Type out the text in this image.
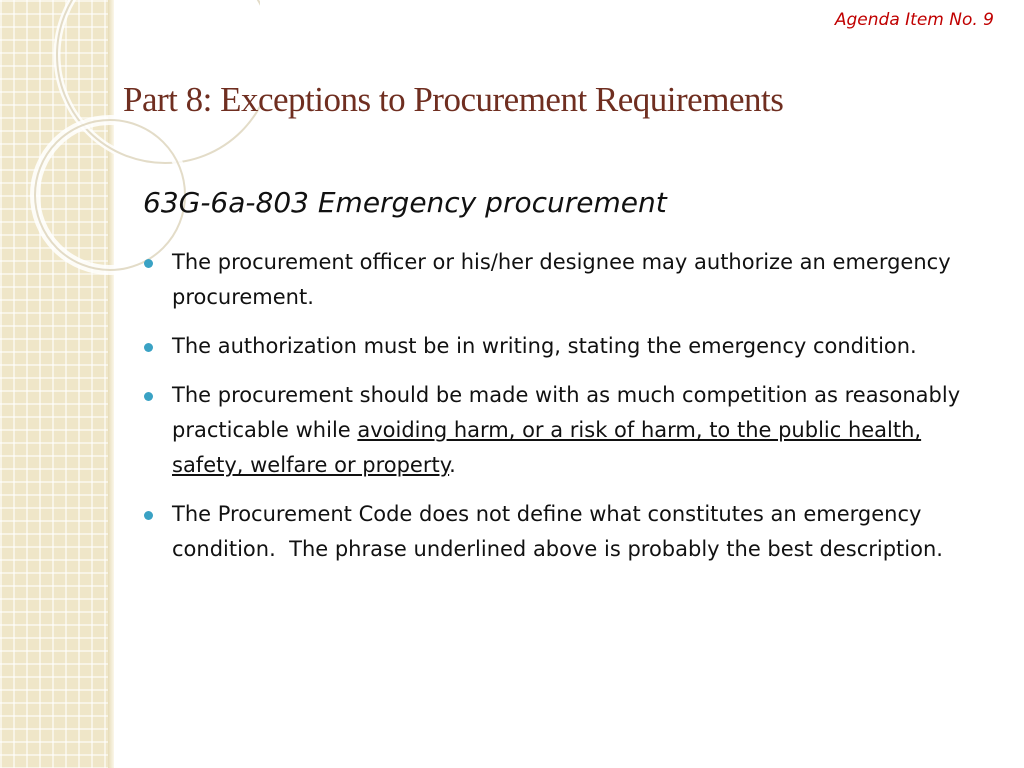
Agenda Item No. 9

Part 8: Exceptions to Procurement Requirements
63G-6a-803 Emergency procurement
The procurement officer or his/her designee may authorize an emergency procurement.
The authorization must be in writing, stating the emergency condition.
The procurement should be made with as much competition as reasonably practicable while avoiding harm, or a risk of harm, to the public health, safety, welfare or property.
The Procurement Code does not define what constitutes an emergency condition.  The phrase underlined above is probably the best description.
